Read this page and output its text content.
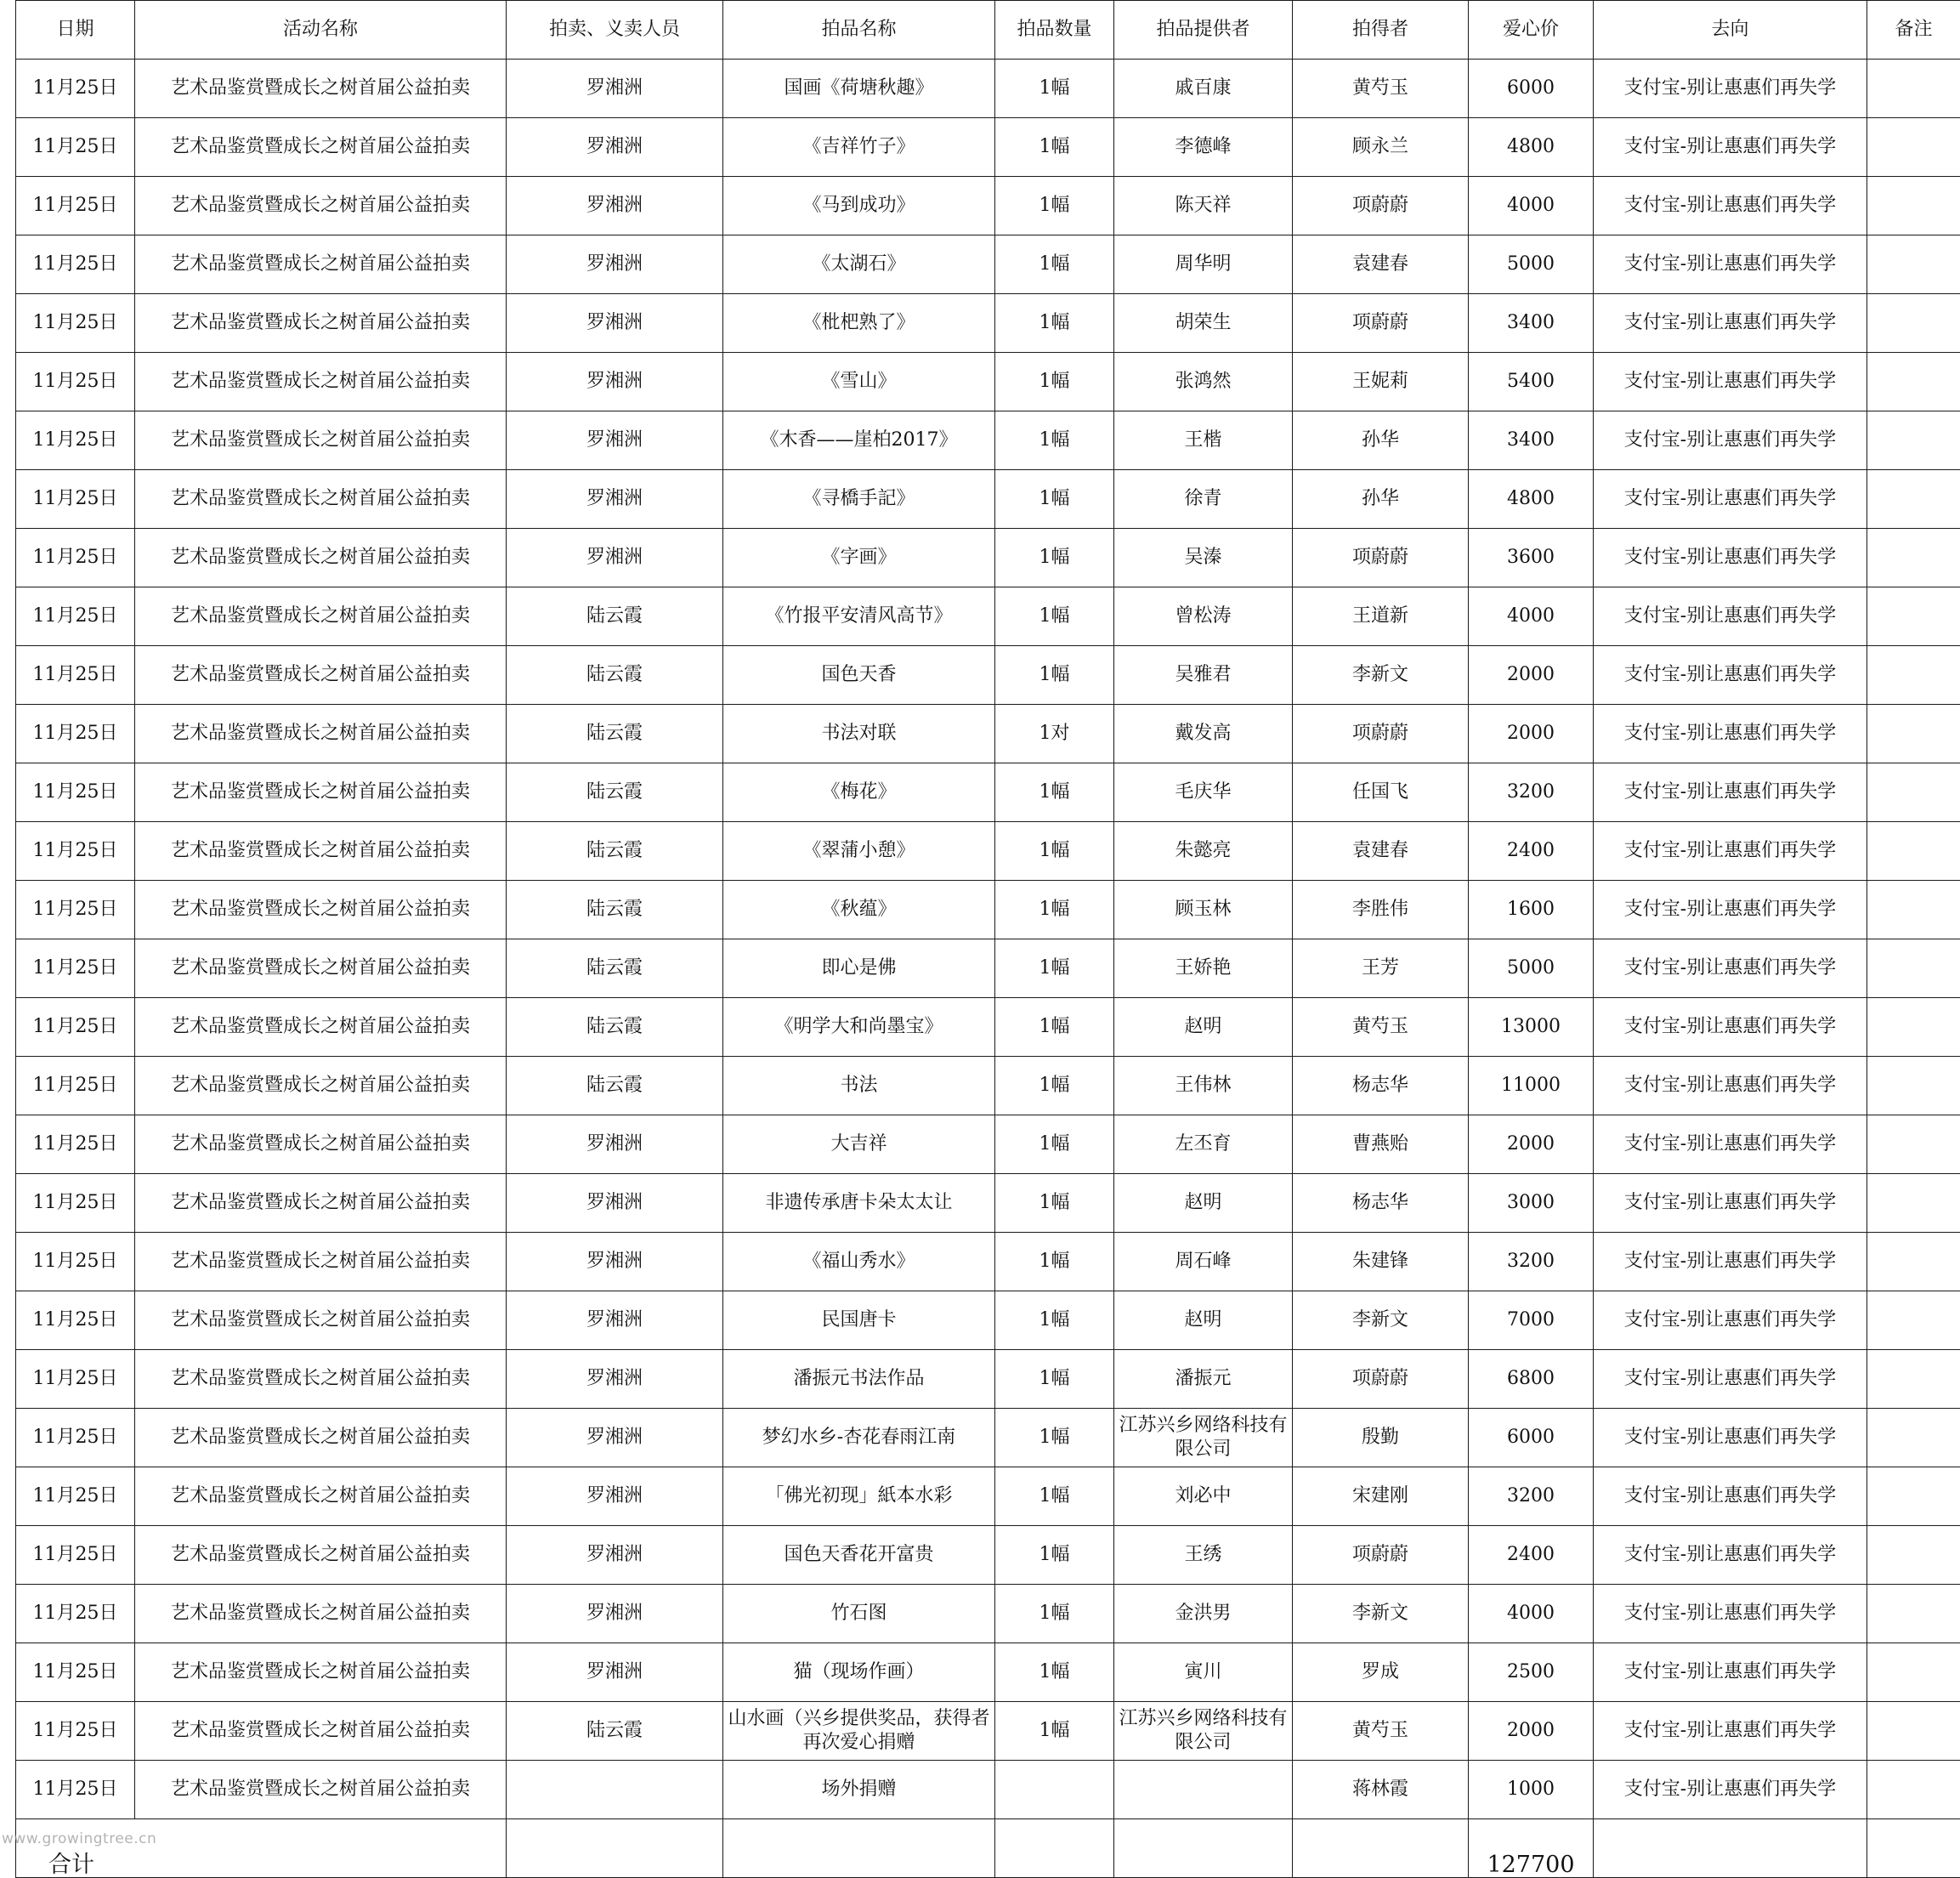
日期	活动名称	拍卖、义卖人员	拍品名称	拍品数量	拍品提供者	拍得者	爱心价	去向	备注
11月25日	艺术品鉴赏暨成长之树首届公益拍卖	罗湘洲	国画《荷塘秋趣》	1幅	戚百康	黄芍玉	6000	支付宝-别让惠惠们再失学	
11月25日	艺术品鉴赏暨成长之树首届公益拍卖	罗湘洲	《吉祥竹子》	1幅	李德峰	顾永兰	4800	支付宝-别让惠惠们再失学	
11月25日	艺术品鉴赏暨成长之树首届公益拍卖	罗湘洲	《马到成功》	1幅	陈天祥	项蔚蔚	4000	支付宝-别让惠惠们再失学	
11月25日	艺术品鉴赏暨成长之树首届公益拍卖	罗湘洲	《太湖石》	1幅	周华明	袁建春	5000	支付宝-别让惠惠们再失学	
11月25日	艺术品鉴赏暨成长之树首届公益拍卖	罗湘洲	《枇杷熟了》	1幅	胡荣生	项蔚蔚	3400	支付宝-别让惠惠们再失学	
11月25日	艺术品鉴赏暨成长之树首届公益拍卖	罗湘洲	《雪山》	1幅	张鸿然	王妮莉	5400	支付宝-别让惠惠们再失学	
11月25日	艺术品鉴赏暨成长之树首届公益拍卖	罗湘洲	《木香——崖柏2017》	1幅	王楷	孙华	3400	支付宝-别让惠惠们再失学	
11月25日	艺术品鉴赏暨成长之树首届公益拍卖	罗湘洲	《寻橋手記》	1幅	徐青	孙华	4800	支付宝-别让惠惠们再失学	
11月25日	艺术品鉴赏暨成长之树首届公益拍卖	罗湘洲	《字画》	1幅	吴溱	项蔚蔚	3600	支付宝-别让惠惠们再失学	
11月25日	艺术品鉴赏暨成长之树首届公益拍卖	陆云霞	《竹报平安清风高节》	1幅	曾松涛	王道新	4000	支付宝-别让惠惠们再失学	
11月25日	艺术品鉴赏暨成长之树首届公益拍卖	陆云霞	国色天香	1幅	吴雅君	李新文	2000	支付宝-别让惠惠们再失学	
11月25日	艺术品鉴赏暨成长之树首届公益拍卖	陆云霞	书法对联	1对	戴发高	项蔚蔚	2000	支付宝-别让惠惠们再失学	
11月25日	艺术品鉴赏暨成长之树首届公益拍卖	陆云霞	《梅花》	1幅	毛庆华	任国飞	3200	支付宝-别让惠惠们再失学	
11月25日	艺术品鉴赏暨成长之树首届公益拍卖	陆云霞	《翠蒲小憩》	1幅	朱懿亮	袁建春	2400	支付宝-别让惠惠们再失学	
11月25日	艺术品鉴赏暨成长之树首届公益拍卖	陆云霞	《秋蕴》	1幅	顾玉林	李胜伟	1600	支付宝-别让惠惠们再失学	
11月25日	艺术品鉴赏暨成长之树首届公益拍卖	陆云霞	即心是佛	1幅	王娇艳	王芳	5000	支付宝-别让惠惠们再失学	
11月25日	艺术品鉴赏暨成长之树首届公益拍卖	陆云霞	《明学大和尚墨宝》	1幅	赵明	黄芍玉	13000	支付宝-别让惠惠们再失学	
11月25日	艺术品鉴赏暨成长之树首届公益拍卖	陆云霞	书法	1幅	王伟林	杨志华	11000	支付宝-别让惠惠们再失学	
11月25日	艺术品鉴赏暨成长之树首届公益拍卖	罗湘洲	大吉祥	1幅	左丕育	曹燕贻	2000	支付宝-别让惠惠们再失学	
11月25日	艺术品鉴赏暨成长之树首届公益拍卖	罗湘洲	非遗传承唐卡朵太太让	1幅	赵明	杨志华	3000	支付宝-别让惠惠们再失学	
11月25日	艺术品鉴赏暨成长之树首届公益拍卖	罗湘洲	《福山秀水》	1幅	周石峰	朱建锋	3200	支付宝-别让惠惠们再失学	
11月25日	艺术品鉴赏暨成长之树首届公益拍卖	罗湘洲	民国唐卡	1幅	赵明	李新文	7000	支付宝-别让惠惠们再失学	
11月25日	艺术品鉴赏暨成长之树首届公益拍卖	罗湘洲	潘振元书法作品	1幅	潘振元	项蔚蔚	6800	支付宝-别让惠惠们再失学	
11月25日	艺术品鉴赏暨成长之树首届公益拍卖	罗湘洲	梦幻水乡-杏花春雨江南	1幅	江苏兴乡网络科技有限公司	殷勤	6000	支付宝-别让惠惠们再失学	
11月25日	艺术品鉴赏暨成长之树首届公益拍卖	罗湘洲	「佛光初现」紙本水彩	1幅	刘必中	宋建刚	3200	支付宝-别让惠惠们再失学	
11月25日	艺术品鉴赏暨成长之树首届公益拍卖	罗湘洲	国色天香花开富贵	1幅	王绣	项蔚蔚	2400	支付宝-别让惠惠们再失学	
11月25日	艺术品鉴赏暨成长之树首届公益拍卖	罗湘洲	竹石图	1幅	金洪男	李新文	4000	支付宝-别让惠惠们再失学	
11月25日	艺术品鉴赏暨成长之树首届公益拍卖	罗湘洲	猫（现场作画）	1幅	寅川	罗成	2500	支付宝-别让惠惠们再失学	
11月25日	艺术品鉴赏暨成长之树首届公益拍卖	陆云霞	山水画（兴乡提供奖品，获得者再次爱心捐赠	1幅	江苏兴乡网络科技有限公司	黄芍玉	2000	支付宝-别让惠惠们再失学	
11月25日	艺术品鉴赏暨成长之树首届公益拍卖		场外捐赠			蒋林霞	1000	支付宝-别让惠惠们再失学	
合计							127700		
www.growingtree.cn
